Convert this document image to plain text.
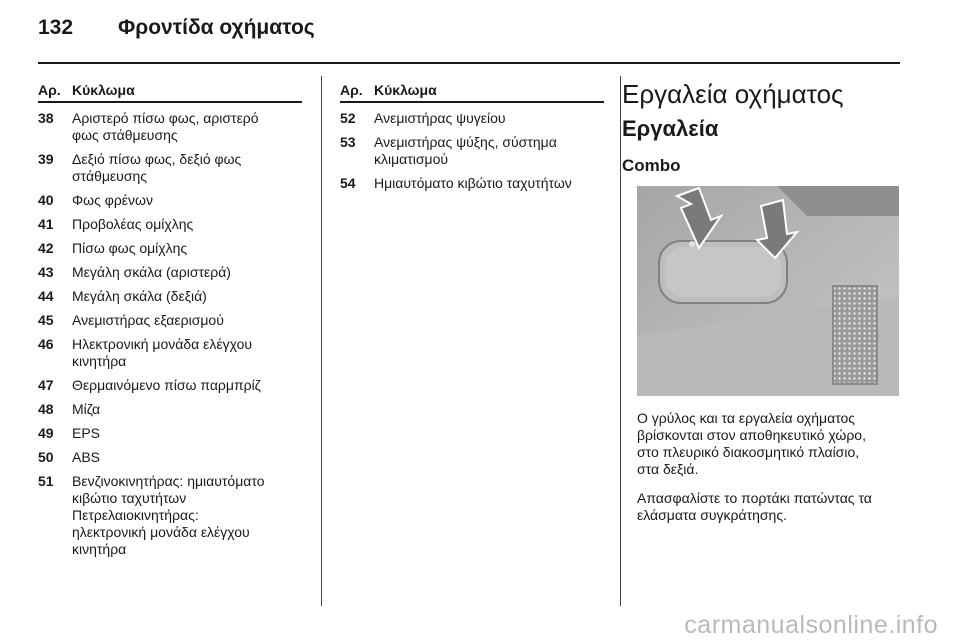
132 Φροντίδα οχήματος
Αρ. Κύκλωμα
38	Αριστερό πίσω φως, αριστερό
φως στάθμευσης
39	Δεξιό πίσω φως, δεξιό φως
στάθμευσης
40	Φως φρένων
41	Προβολέας ομίχλης
42	Πίσω φως ομίχλης
43	Μεγάλη σκάλα (αριστερά)
44	Μεγάλη σκάλα (δεξιά)
45	Ανεμιστήρας εξαερισμού
46	Ηλεκτρονική μονάδα ελέγχου
κινητήρα
47	Θερμαινόμενο πίσω παρμπρίζ
48	Μίζα
49	EPS
50	ABS
51	Βενζινοκινητήρας: ημιαυτόματο
κιβώτιο ταχυτήτων
Πετρελαιοκινητήρας:
ηλεκτρονική μονάδα ελέγχου
κινητήρα
Αρ. Κύκλωμα
52	Ανεμιστήρας ψυγείου
53	Ανεμιστήρας ψύξης, σύστημα
κλιματισμού
54	Ημιαυτόματο κιβώτιο ταχυτήτων
Εργαλεία οχήματος
Εργαλεία
Combo
Ο γρύλος και τα εργαλεία οχήματος
βρίσκονται στον αποθηκευτικό χώρο,
στο πλευρικό διακοσμητικό πλαίσιο,
στα δεξιά.
Απασφαλίστε το πορτάκι πατώντας τα
ελάσματα συγκράτησης.
carmanualsonline.info
